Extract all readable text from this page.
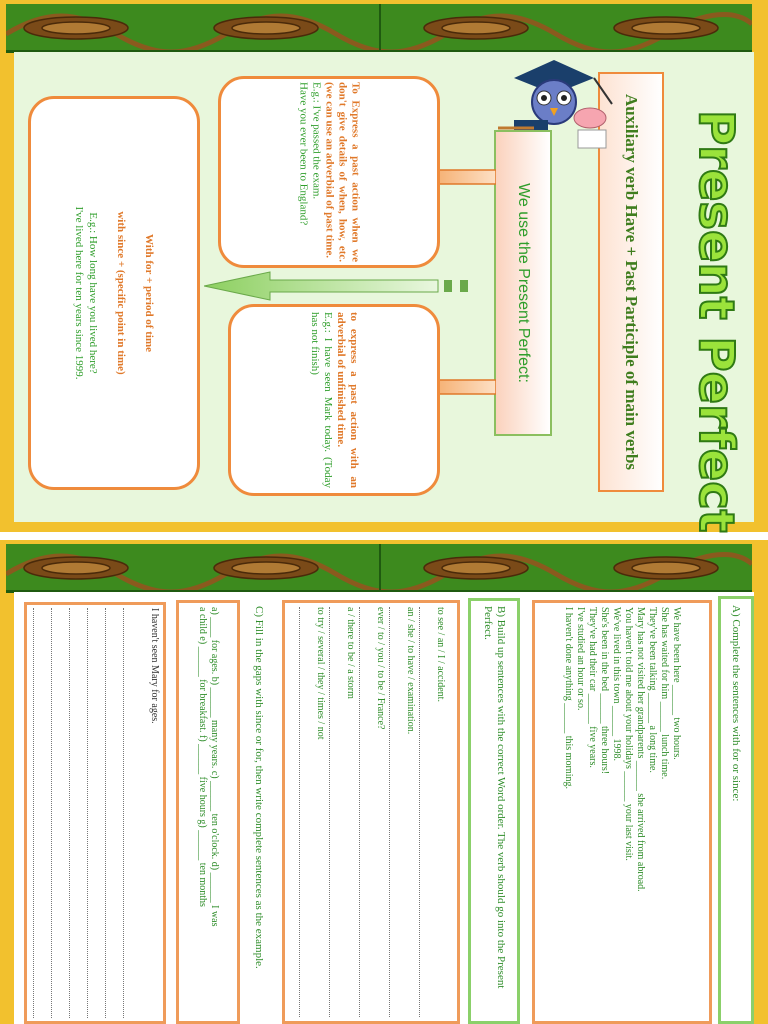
Present Perfect
Auxiliary verb Have + Past Participle of main verbs
We use the Present Perfect:
To Express a past action when we don't give details of when, how, etc. (we can use an adverbial of past time.
E.g.: I've passed the exam.
Have you ever been to England?
to express a past action with an adverbial of unfinished time.
E.g.: I have seen Mark today. (Today has not finish)
With for + period of time

with since + (specific point in time)

E.g.: How long have you lived here?
I've lived here for ten years since 1999.
A) Complete the sentences with for or since:
We have been here ______ two hours.
She has waited for him ______ lunch time.
They've been talking ______ a long time.
Mary has not visited her grandparents ______ she arrived from abroad.
You haven't told me about your holidays ______ your last visit.
We've lived in this town ______ 1998.
She's been in the bed ______ three hours!
They've had their car ______ five years.
I've studied an hour or so.
I haven't done anything ______ this morning.
B) Build up sentences with the correct Word order. The verb should go into the Present Perfect.
to see / an / I / accident.
an / she / to have / examination.
ever / to / you / to be / France?
a / there to be / a storm
to try / several / they / times / not
C) Fill in the gaps with since or for, then write complete sentences as the example.
a) ____ for ages. b) ______ many years. c) ______ ten o'clock. d) ______ I was
a child e) ______ for breakfast. f) ______ five hours g) ______ ten months
I haven't seen Mary for ages.
